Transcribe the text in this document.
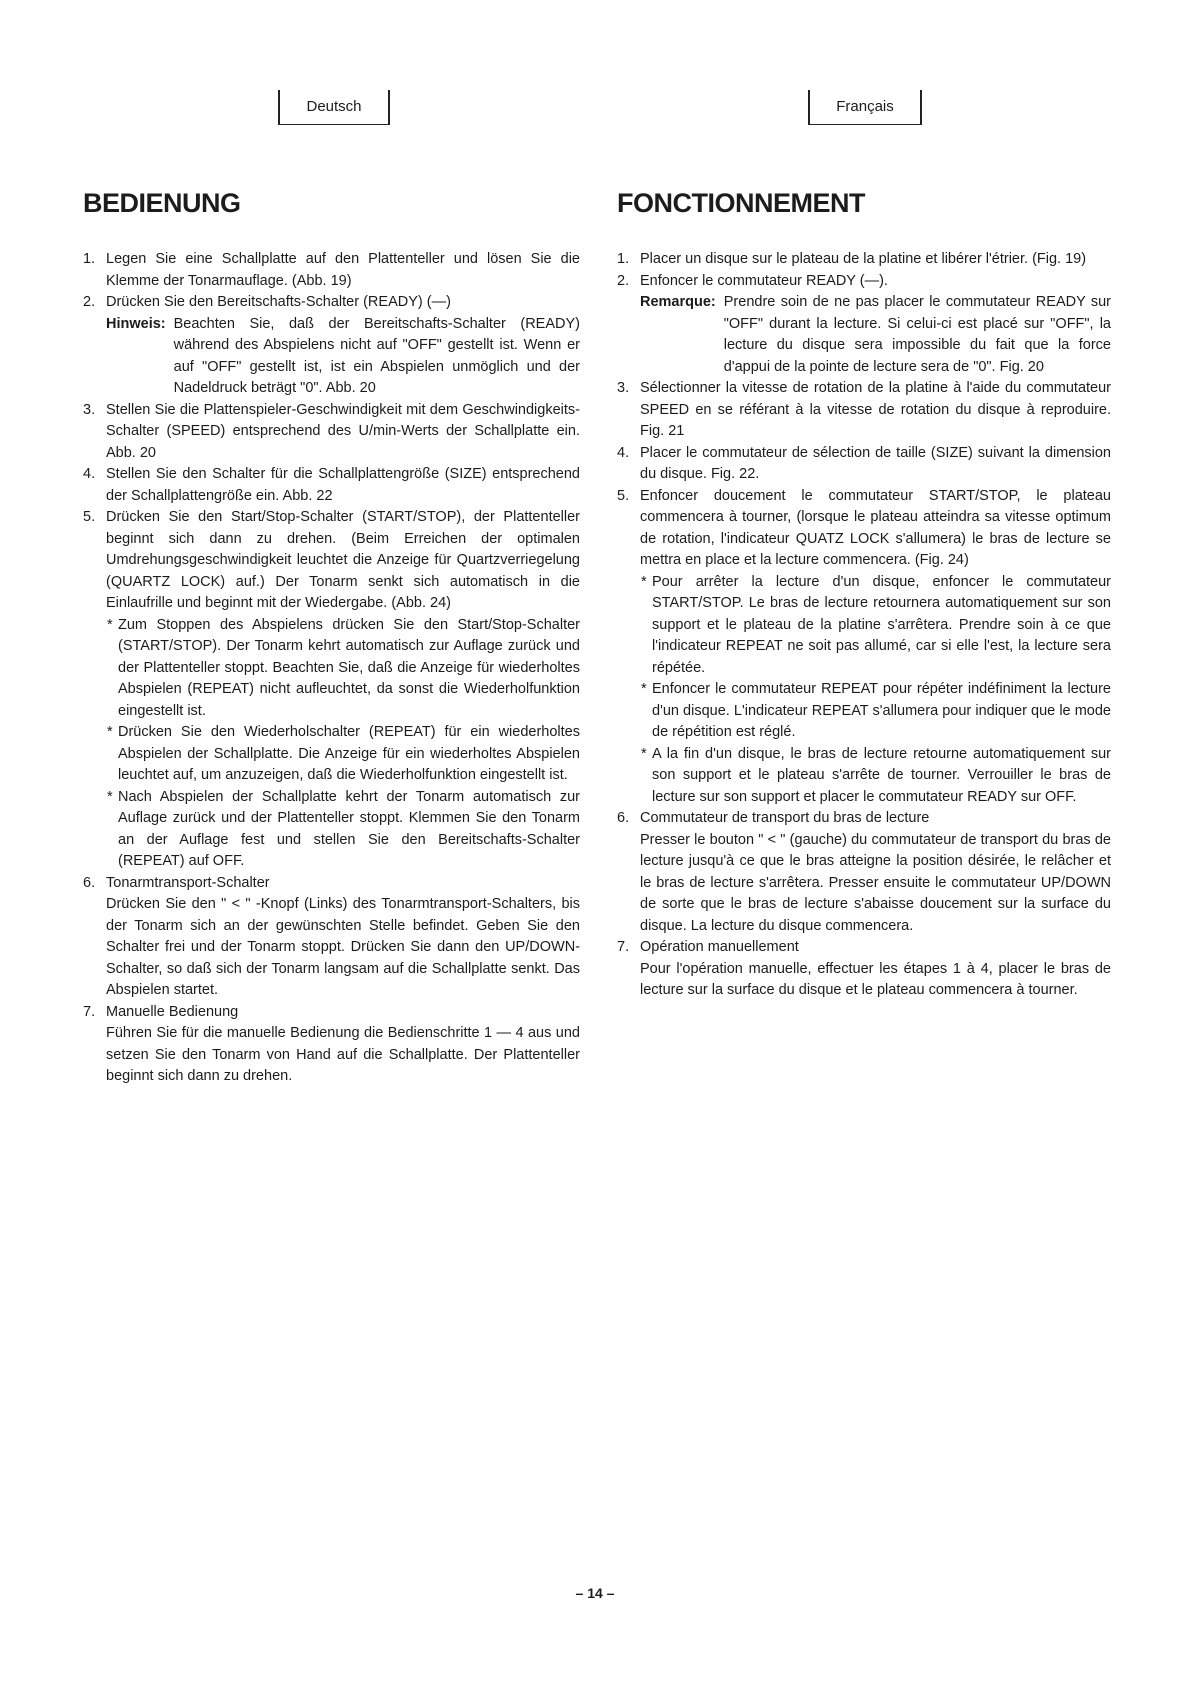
Deutsch	Français
BEDIENUNG
1. Legen Sie eine Schallplatte auf den Plattenteller und lösen Sie die Klemme der Tonarmauflage. (Abb. 19)

2. Drücken Sie den Bereitschafts-Schalter (READY) (—)

Hinweis: Beachten Sie, daß der Bereitschafts-Schalter (READY) während des Abspielens nicht auf "OFF" gestellt ist. Wenn er auf "OFF" gestellt ist, ist ein Abspielen unmöglich und der Nadeldruck beträgt "0". Abb. 20
3. Stellen Sie die Plattenspieler-Geschwindigkeit mit dem Geschwindigkeits-Schalter (SPEED) entsprechend des U/min-Werts der Schallplatte ein. Abb. 20

4. Stellen Sie den Schalter für die Schallplattengröße (SIZE) entsprechend der Schallplattengröße ein. Abb. 22

5. Drücken Sie den Start/Stop-Schalter (START/STOP), der Plattenteller beginnt sich dann zu drehen. (Beim Erreichen der optimalen Umdrehungsgeschwindigkeit leuchtet die Anzeige für Quartzverriegelung (QUARTZ LOCK) auf.) Der Tonarm senkt sich automatisch in die Einlaufrille und beginnt mit der Wiedergabe. (Abb. 24)

* Zum Stoppen des Abspielens drücken Sie den Start/Stop-Schalter (START/STOP). Der Tonarm kehrt automatisch zur Auflage zurück und der Plattenteller stoppt. Beachten Sie, daß die Anzeige für wiederholtes Abspielen (REPEAT) nicht aufleuchtet, da sonst die Wiederholfunktion eingestellt ist.
* Drücken Sie den Wiederholschalter (REPEAT) für ein wiederholtes Abspielen der Schallplatte. Die Anzeige für ein wiederholtes Abspielen leuchtet auf, um anzuzeigen, daß die Wiederholfunktion eingestellt ist.
* Nach Abspielen der Schallplatte kehrt der Tonarm automatisch zur Auflage zurück und der Plattenteller stoppt. Klemmen Sie den Tonarm an der Auflage fest und stellen Sie den Bereitschafts-Schalter (REPEAT) auf OFF.
6. Tonarmtransport-Schalter

Drücken Sie den " < " -Knopf (Links) des Tonarmtransport-Schalters, bis der Tonarm sich an der gewünschten Stelle befindet. Geben Sie den Schalter frei und der Tonarm stoppt. Drücken Sie dann den UP/DOWN-Schalter, so daß sich der Tonarm langsam auf die Schallplatte senkt. Das Abspielen startet.

7. Manuelle Bedienung

Führen Sie für die manuelle Bedienung die Bedienschritte 1 — 4 aus und setzen Sie den Tonarm von Hand auf die Schallplatte. Der Plattenteller beginnt sich dann zu drehen.

FONCTIONNEMENT
1. Placer un disque sur le plateau de la platine et libérer l'étrier. (Fig. 19)

2. Enfoncer le commutateur READY (—).

Remarque: Prendre soin de ne pas placer le commutateur READY sur "OFF" durant la lecture. Si celui-ci est placé sur "OFF", la lecture du disque sera impossible du fait que la force d'appui de la pointe de lecture sera de "0". Fig. 20
3. Sélectionner la vitesse de rotation de la platine à l'aide du commutateur SPEED en se référant à la vitesse de rotation du disque à reproduire. Fig. 21

4. Placer le commutateur de sélection de taille (SIZE) suivant la dimension du disque. Fig. 22.

5. Enfoncer doucement le commutateur START/STOP, le plateau commencera à tourner, (lorsque le plateau atteindra sa vitesse optimum de rotation, l'indicateur QUATZ LOCK s'allumera) le bras de lecture se mettra en place et la lecture commencera. (Fig. 24)

* Pour arrêter la lecture d'un disque, enfoncer le commutateur START/STOP. Le bras de lecture retournera automatiquement sur son support et le plateau de la platine s'arrêtera. Prendre soin à ce que l'indicateur REPEAT ne soit pas allumé, car si elle l'est, la lecture sera répétée.
* Enfoncer le commutateur REPEAT pour répéter indéfiniment la lecture d'un disque. L'indicateur REPEAT s'allumera pour indiquer que le mode de répétition est réglé.
* A la fin d'un disque, le bras de lecture retourne automatiquement sur son support et le plateau s'arrête de tourner. Verrouiller le bras de lecture sur son support et placer le commutateur READY sur OFF.
6. Commutateur de transport du bras de lecture

Presser le bouton " < " (gauche) du commutateur de transport du bras de lecture jusqu'à ce que le bras atteigne la position désirée, le relâcher et le bras de lecture s'arrêtera. Presser ensuite le commutateur UP/DOWN de sorte que le bras de lecture s'abaisse doucement sur la surface du disque. La lecture du disque commencera.

7. Opération manuellement

Pour l'opération manuelle, effectuer les étapes 1 à 4, placer le bras de lecture sur la surface du disque et le plateau commencera à tourner.

– 14 –
